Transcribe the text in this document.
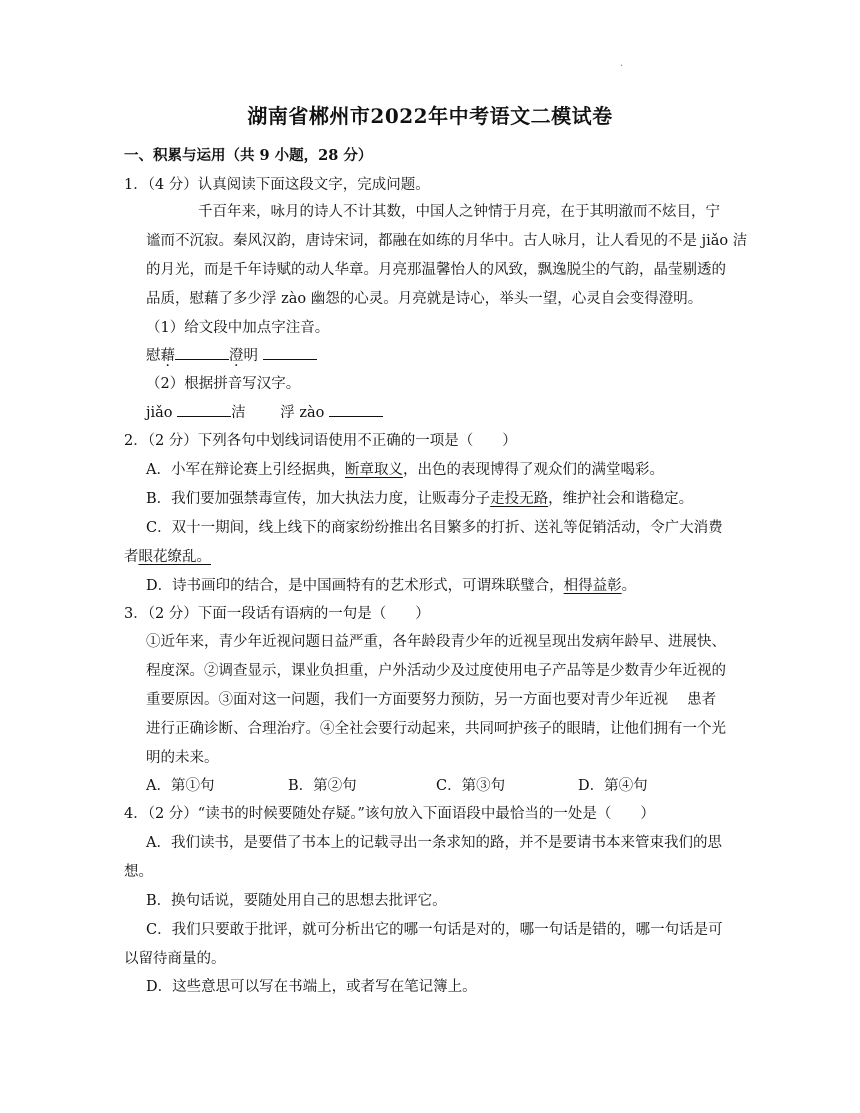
.
湖南省郴州市2022年中考语文二模试卷
一、积累与运用（共 9 小题，28 分）
1．（4 分）认真阅读下面这段文字，完成问题。
千百年来，咏月的诗人不计其数，中国人之钟情于月亮，在于其明澈而不炫目，宁
谧而不沉寂。秦风汉韵，唐诗宋词，都融在如练的月华中。古人咏月，让人看见的不是 jiǎo 洁
的月光，而是千年诗赋的动人华章。月亮那温馨怡人的风致，飘逸脱尘的气韵，晶莹剔透的
品质，慰藉了多少浮 zào 幽怨的心灵。月亮就是诗心，举头一望，心灵自会变得澄明。
（1）给文段中加点字注音。
慰藉	澄明
（2）根据拼音写汉字。
jiǎo	洁 浮 zào
2．（2 分）下列各句中划线词语使用不正确的一项是（　　）
A．小军在辩论赛上引经据典，断章取义，出色的表现博得了观众们的满堂喝彩。
B．我们要加强禁毒宣传，加大执法力度，让贩毒分子走投无路，维护社会和谐稳定。
C．双十一期间，线上线下的商家纷纷推出名目繁多的打折、送礼等促销活动，令广大消费
者眼花缭乱。
D．诗书画印的结合，是中国画特有的艺术形式，可谓珠联璧合，相得益彰。
3．（2 分）下面一段话有语病的一句是（　　）
①近年来，青少年近视问题日益严重，各年龄段青少年的近视呈现出发病年龄早、进展快、
程度深。②调查显示，课业负担重，户外活动少及过度使用电子产品等是少数青少年近视的
重要原因。③面对这一问题，我们一方面要努力预防，另一方面也要对青少年近视　 患者
进行正确诊断、合理治疗。④全社会要行动起来，共同呵护孩子的眼睛，让他们拥有一个光
明的未来。
A．第①句	B．第②句	C．第③句	D．第④句
4．（2 分）“读书的时候要随处存疑。”该句放入下面语段中最恰当的一处是（　　）
A．我们读书，是要借了书本上的记载寻出一条求知的路，并不是要请书本来管束我们的思
想。
B．换句话说，要随处用自己的思想去批评它。
C．我们只要敢于批评，就可分析出它的哪一句话是对的，哪一句话是错的，哪一句话是可
以留待商量的。
D．这些意思可以写在书端上，或者写在笔记簿上。
